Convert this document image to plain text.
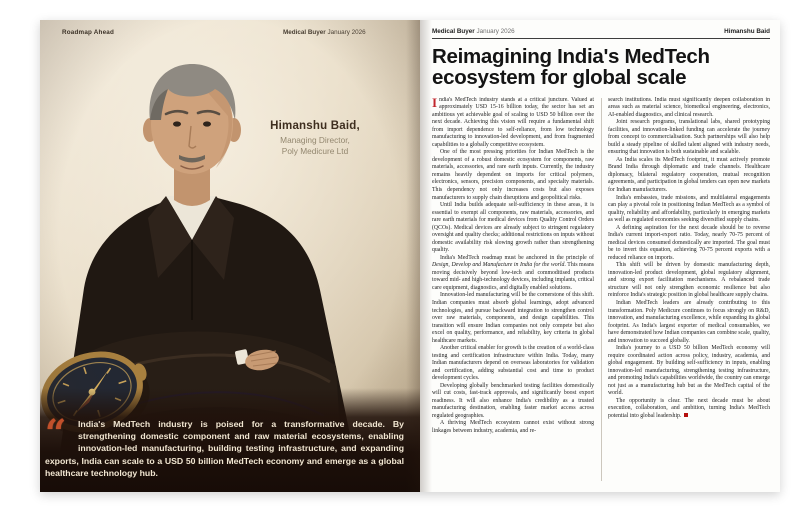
Roadmap Ahead	Medical Buyer January 2026
Himanshu Baid,
Managing Director,
Poly Medicure Ltd
“	India's MedTech industry is poised for a transformative decade. By strengthening domestic component and raw material ecosystems, enabling innovation-led manufacturing, building testing infrastructure, and expanding exports, India can scale to a USD 50 billion MedTech economy and emerge as a global healthcare technology hub.

Medical Buyer January 2026	Himanshu Baid
Reimagining India's MedTech ecosystem for global scale

India's MedTech industry stands at a critical juncture. Valued at approximately USD 15-16 billion today, the sector has set an ambitious yet achievable goal of scaling to USD 50 billion over the next decade. Achieving this vision will require a fundamental shift from import dependence to self-reliance, from low technology manufacturing to innovation-led development, and from fragmented capabilities to a globally competitive ecosystem.

One of the most pressing priorities for Indian MedTech is the development of a robust domestic ecosystem for components, raw materials, accessories, and rare earth inputs. Currently, the industry remains heavily dependent on imports for critical polymers, electronics, sensors, precision components, and specialty materials. This dependency not only increases costs but also exposes manufacturers to supply chain disruptions and geopolitical risks.

Until India builds adequate self-sufficiency in these areas, it is essential to exempt all components, raw materials, accessories, and rare earth materials for medical devices from Quality Control Orders (QCOs). Medical devices are already subject to stringent regulatory oversight and quality checks; additional restrictions on inputs without domestic availability risk slowing growth rather than strengthening quality.

India's MedTech roadmap must be anchored in the principle of Design, Develop and Manufacture in India for the world. This means moving decisively beyond low-tech and commoditised products toward mid- and high-technology devices, including implants, critical care equipment, diagnostics, and digitally enabled solutions.

Innovation-led manufacturing will be the cornerstone of this shift. Indian companies must absorb global learnings, adopt advanced technologies, and pursue backward integration to strengthen control over raw materials, components, and design capabilities. This transition will ensure Indian companies not only compete but also excel on quality, performance, and reliability, key criteria in global healthcare markets.

Another critical enabler for growth is the creation of a world-class testing and certification infrastructure within India. Today, many Indian manufacturers depend on overseas laboratories for validation and certification, adding substantial cost and time to product development cycles.

Developing globally benchmarked testing facilities domestically will cut costs, fast-track approvals, and significantly boost export readiness. It will also enhance India's credibility as a trusted manufacturing destination, enabling faster market access across regulated geographies.

A thriving MedTech ecosystem cannot exist without strong linkages between industry, academia, and re-

search institutions. India must significantly deepen collaboration in areas such as material science, biomedical engineering, electronics, AI-enabled diagnostics, and clinical research.

Joint research programs, translational labs, shared prototyping facilities, and innovation-linked funding can accelerate the journey from concept to commercialisation. Such partnerships will also help build a steady pipeline of skilled talent aligned with industry needs, ensuring that innovation is both sustainable and scalable.

As India scales its MedTech footprint, it must actively promote Brand India through diplomatic and trade channels. Healthcare diplomacy, bilateral regulatory cooperation, mutual recognition agreements, and participation in global tenders can open new markets for Indian manufacturers.

India's embassies, trade missions, and multilateral engagements can play a pivotal role in positioning Indian MedTech as a symbol of quality, reliability and affordability, particularly in emerging markets as well as regulated economies seeking diversified supply chains.

A defining aspiration for the next decade should be to reverse India's current import-export ratio. Today, nearly 70-75 percent of medical devices consumed domestically are imported. The goal must be to invert this equation, achieving 70-75 percent exports with a reduced reliance on imports.

This shift will be driven by domestic manufacturing depth, innovation-led product development, global regulatory alignment, and strong export facilitation mechanisms. A rebalanced trade structure will not only strengthen economic resilience but also reinforce India's strategic position in global healthcare supply chains.

Indian MedTech leaders are already contributing to this transformation. Poly Medicure continues to focus strongly on R&D, innovation, and manufacturing excellence, while expanding its global footprint. As India's largest exporter of medical consumables, we have demonstrated how Indian companies can combine scale, quality, and innovation to succeed globally.

India's journey to a USD 50 billion MedTech economy will require coordinated action across policy, industry, academia, and global engagement. By building self-sufficiency in inputs, enabling innovation-led manufacturing, strengthening testing infrastructure, and promoting India's capabilities worldwide, the country can emerge not just as a manufacturing hub but as the MedTech capital of the world.

The opportunity is clear. The next decade must be about execution, collaboration, and ambition, turning India's MedTech potential into global leadership.
